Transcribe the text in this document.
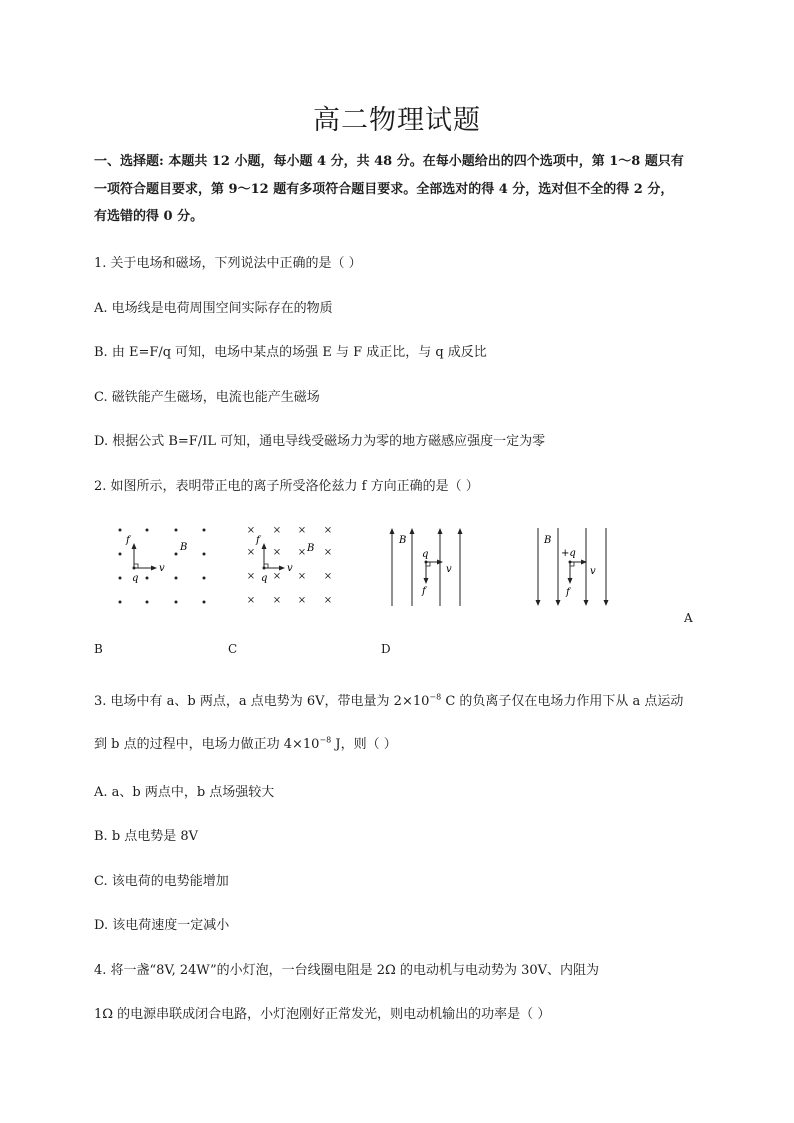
高二物理试题
一、选择题: 本题共 12 小题，每小题 4 分，共 48 分。在每小题给出的四个选项中，第 1～8 题只有
一项符合题目要求，第 9～12 题有多项符合题目要求。全部选对的得 4 分，选对但不全的得 2 分，
有选错的得 0 分。
1. 关于电场和磁场，下列说法中正确的是（ ）
A. 电场线是电荷周围空间实际存在的物质
B. 由 E=F/q 可知，电场中某点的场强 E 与 F 成正比，与 q 成反比
C. 磁铁能产生磁场，电流也能产生磁场
D. 根据公式 B=F/IL 可知，通电导线受磁场力为零的地方磁感应强度一定为零
2. 如图所示，表明带正电的离子所受洛伦兹力 f 方向正确的是（ ）
f
B
q
v
× × × ×
× ×	×
× × × ×
× × × ×
×
f
B
q
v
B
q
v
f
B
+q
v
f
A
B	C	D
3. 电场中有 a、b 两点，a 点电势为 6V，带电量为 $2\times 10^{-8}$ C 的负离子仅在电场力作用下从 a 点运动
到 b 点的过程中，电场力做正功 $4\times 10^{-8}$ J，则（ ）
A. a、b 两点中，b 点场强较大
B. b 点电势是 8V
C. 该电荷的电势能增加
D. 该电荷速度一定减小
4. 将一盏“8V, 24W”的小灯泡，一台线圈电阻是 2Ω 的电动机与电动势为 30V、内阻为
1Ω 的电源串联成闭合电路，小灯泡刚好正常发光，则电动机输出的功率是（ ）
